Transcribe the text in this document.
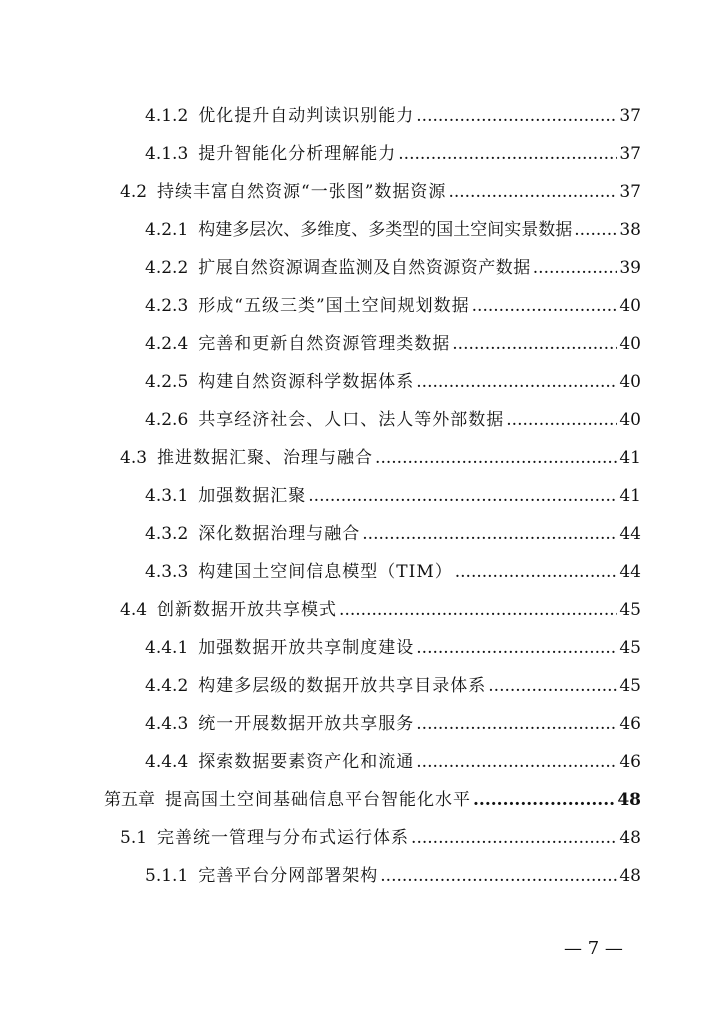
4.1.2 优化提升自动判读识别能力 .....	37
4.1.3 提升智能化分析理解能力 .....	37
4.2 持续丰富自然资源“一张图”数据资源 .....	37
4.2.1 构建多层次、多维度、多类型的国土空间实景数据 .....	38
4.2.2 扩展自然资源调查监测及自然资源资产数据 .....	39
4.2.3 形成“五级三类”国土空间规划数据 .....	40
4.2.4 完善和更新自然资源管理类数据 .....	40
4.2.5 构建自然资源科学数据体系 .....	40
4.2.6 共享经济社会、人口、法人等外部数据 .....	40
4.3 推进数据汇聚、治理与融合 .....	41
4.3.1 加强数据汇聚 .....	41
4.3.2 深化数据治理与融合 .....	44
4.3.3 构建国土空间信息模型（TIM） .....	44
4.4 创新数据开放共享模式 .....	45
4.4.1 加强数据开放共享制度建设 .....	45
4.4.2 构建多层级的数据开放共享目录体系 .....	45
4.4.3 统一开展数据开放共享服务 .....	46
4.4.4 探索数据要素资产化和流通 .....	46
第五章 提高国土空间基础信息平台智能化水平 .....	48
5.1 完善统一管理与分布式运行体系 .....	48
5.1.1 完善平台分网部署架构 .....	48
— 7 —
